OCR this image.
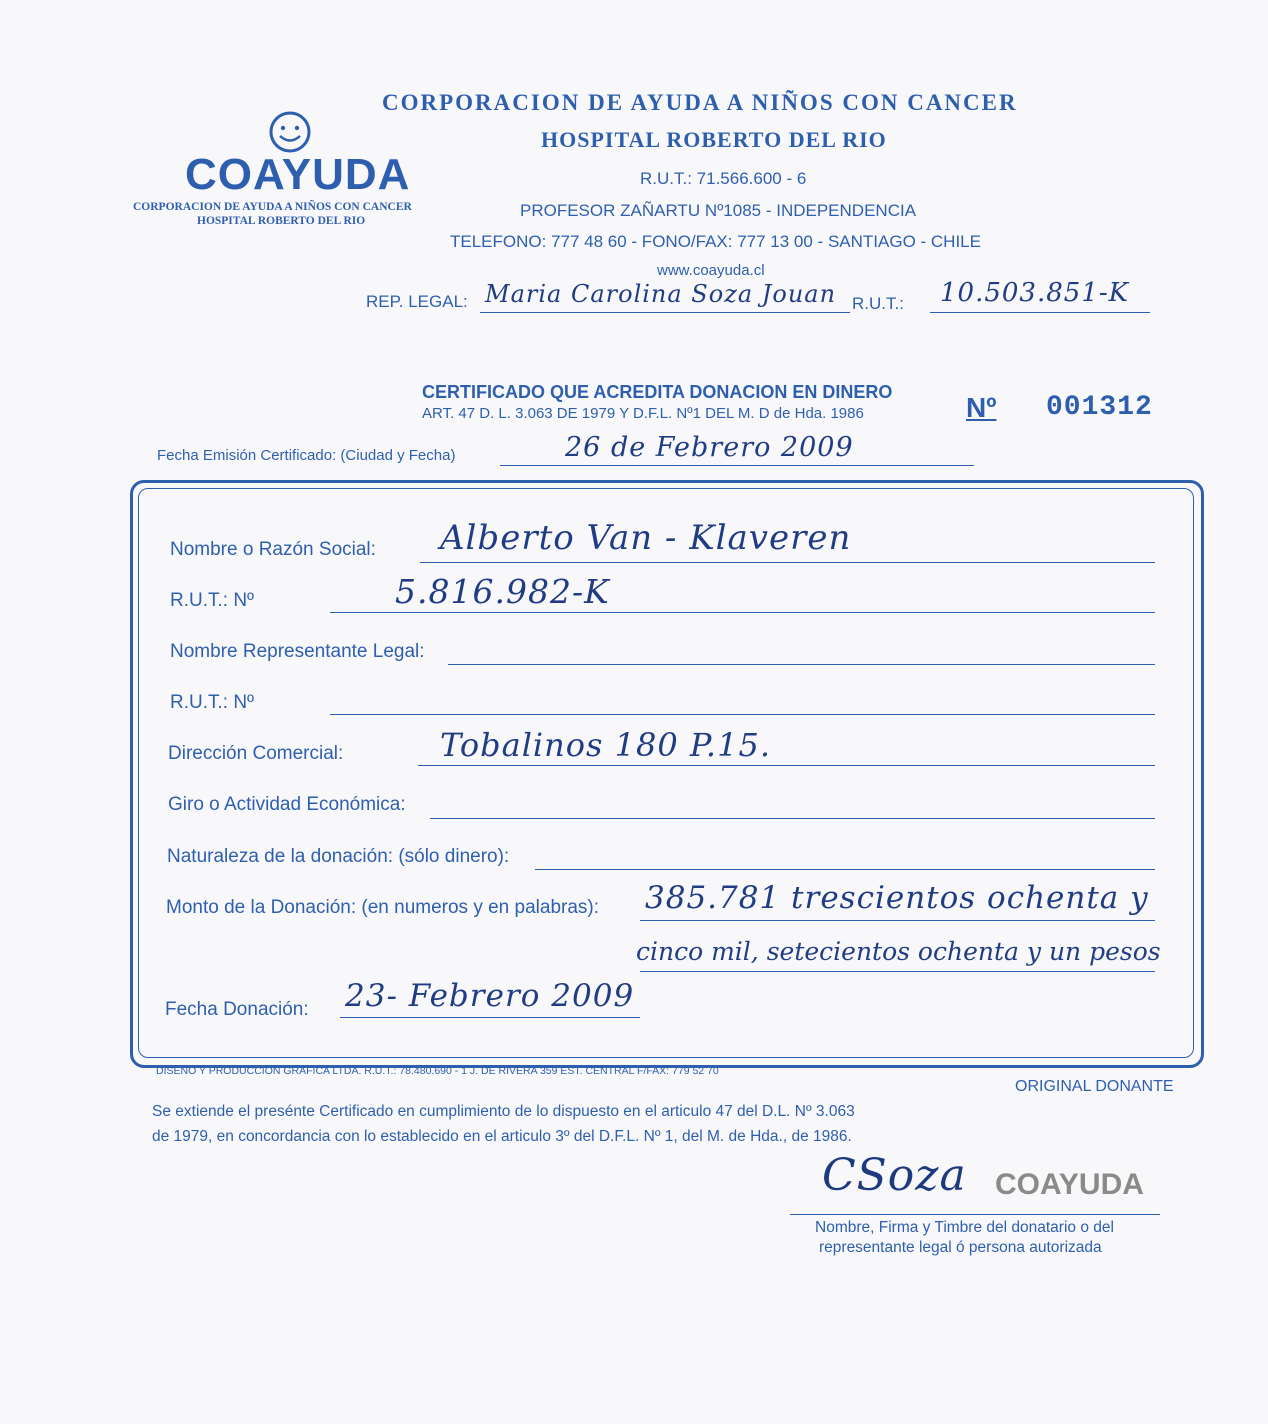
CORPORACION DE AYUDA A NIÑOS CON CANCER
HOSPITAL ROBERTO DEL RIO
R.U.T.: 71.566.600 - 6
PROFESOR ZAÑARTU Nº1085 - INDEPENDENCIA
TELEFONO: 777 48 60 - FONO/FAX: 777 13 00 - SANTIAGO - CHILE
www.coayuda.cl
COAYUDA
CORPORACION DE AYUDA A NIÑOS CON CANCER
HOSPITAL ROBERTO DEL RIO
REP. LEGAL: Maria Carolina Soza Jouan R.U.T.: 10.503.851-K
CERTIFICADO QUE ACREDITA DONACION EN DINERO
ART. 47 D. L. 3.063 DE 1979 Y D.F.L. Nº1 DEL M. D de Hda. 1986	Nº 001312
Fecha Emisión Certificado: (Ciudad y Fecha)	26 de Febrero 2009
Nombre o Razón Social: Alberto Van - Klaveren
R.U.T.: Nº	5.816.982-K
Nombre Representante Legal:
R.U.T.: Nº
Dirección Comercial:	Tobalinos 180 P.15.
Giro o Actividad Económica:
Naturaleza de la donación: (sólo dinero):
Monto de la Donación: (en numeros y en palabras): 385.781 trescientos ochenta y
cinco mil, setecientos ochenta y un pesos
Fecha Donación: 23- Febrero 2009
DISEÑO Y PRODUCCIÓN GRAFICA LTDA. R.U.T.: 78.480.690 - 1 J. DE RIVERA 359 EST. CENTRAL F/FAX: 779 52 70
ORIGINAL DONANTE
Se extiende el presénte Certificado en cumplimiento de lo dispuesto en el articulo 47 del D.L. Nº 3.063
de 1979, en concordancia con lo establecido en el articulo 3º del D.F.L. Nº 1, del M. de Hda., de 1986.
CSoza COAYUDA
Nombre, Firma y Timbre del donatario o del
representante legal ó persona autorizada
